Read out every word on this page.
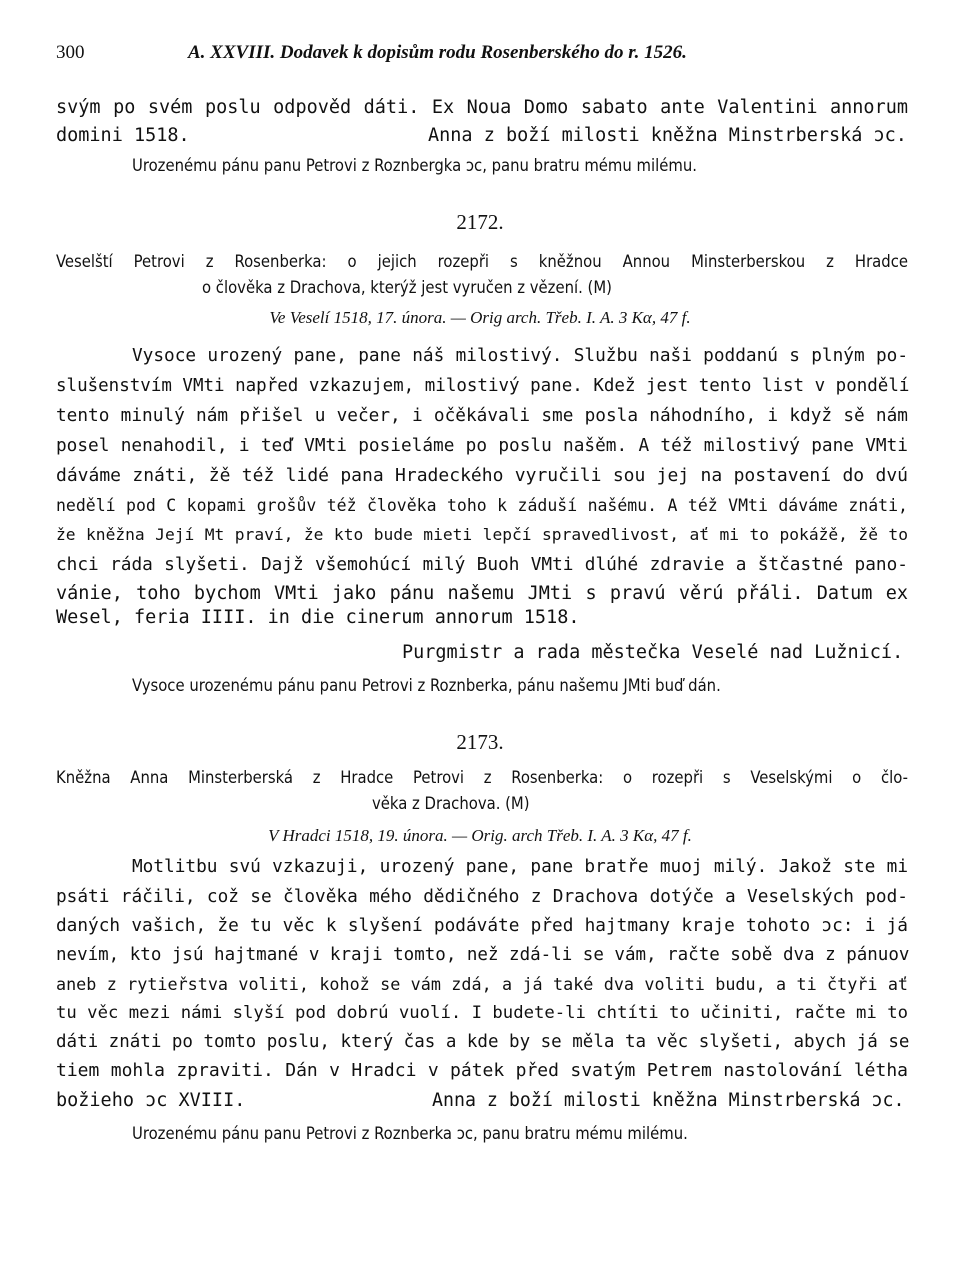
300	A. XXVIII. Dodavek k dopisům rodu Rosenberského do r. 1526.
svým po svém poslu odpověd dáti. Ex Noua Domo sabato ante Valentini annorum
domini 1518.	Anna z boží milosti kněžna Minstrberská ɔc.
Urozenému pánu panu Petrovi z Roznbergka ɔc, panu bratru mému milému.
2172.
Veselští Petrovi z Rosenberka: o jejich rozepři s kněžnou Annou Minsterberskou z Hradce
o člověka z Drachova, kterýž jest vyručen z vězení. (M)
Ve Veselí 1518, 17. února. — Orig arch. Třeb. I. A. 3 Kα, 47 f.
Vysoce urozený pane, pane náš milostivý. Službu naši poddanú s plným po-
slušenstvím VMti napřed vzkazujem, milostivý pane. Kdež jest tento list v pondělí
tento minulý nám přišel u večer, i očěkávali sme posla náhodního, i když sě nám
posel nenahodil, i teď VMti posieláme po poslu našěm. A též milostivý pane VMti
dáváme znáti, žě též lidé pana Hradeckého vyručili sou jej na postavení do dvú
nedělí pod C kopami grošův též člověka toho k záduší našému. A též VMti dáváme znáti,
že kněžna Její Mt praví, že kto bude mieti lepčí spravedlivost, ať mi to pokážě, žě to
chci ráda slyšeti. Dajž všemohúcí milý Buoh VMti dlúhé zdravie a štčastné pano-
vánie, toho bychom VMti jako pánu našemu JMti s pravú věrú přáli. Datum ex
Wesel, feria IIII. in die cinerum annorum 1518.
Purgmistr a rada městečka Veselé nad Lužnicí.
Vysoce urozenému pánu panu Petrovi z Roznberka, pánu našemu JMti buď dán.
2173.
Kněžna Anna Minsterberská z Hradce Petrovi z Rosenberka: o rozepři s Veselskými o člo-
věka z Drachova. (M)
V Hradci 1518, 19. února. — Orig. arch Třeb. I. A. 3 Kα, 47 f.
Motlitbu svú vzkazuji, urozený pane, pane bratře muoj milý. Jakož ste mi
psáti ráčili, což se člověka mého dědičného z Drachova dotýče a Veselských pod-
daných vašich, že tu věc k slyšení podáváte před hajtmany kraje tohoto ɔc: i já
nevím, kto jsú hajtmané v kraji tomto, než zdá-li se vám, račte sobě dva z pánuov
aneb z rytieřstva voliti, kohož se vám zdá, a já také dva voliti budu, a ti čtyři ať
tu věc mezi námi slyší pod dobrú vuolí. I budete-li chtíti to učiniti, račte mi to
dáti znáti po tomto poslu, který čas a kde by se měla ta věc slyšeti, abych já se
tiem mohla zpraviti. Dán v Hradci v pátek před svatým Petrem nastolování létha
božieho ɔc XVIII.	Anna z boží milosti kněžna Minstrberská ɔc.
Urozenému pánu panu Petrovi z Roznberka ɔc, panu bratru mému milému.
